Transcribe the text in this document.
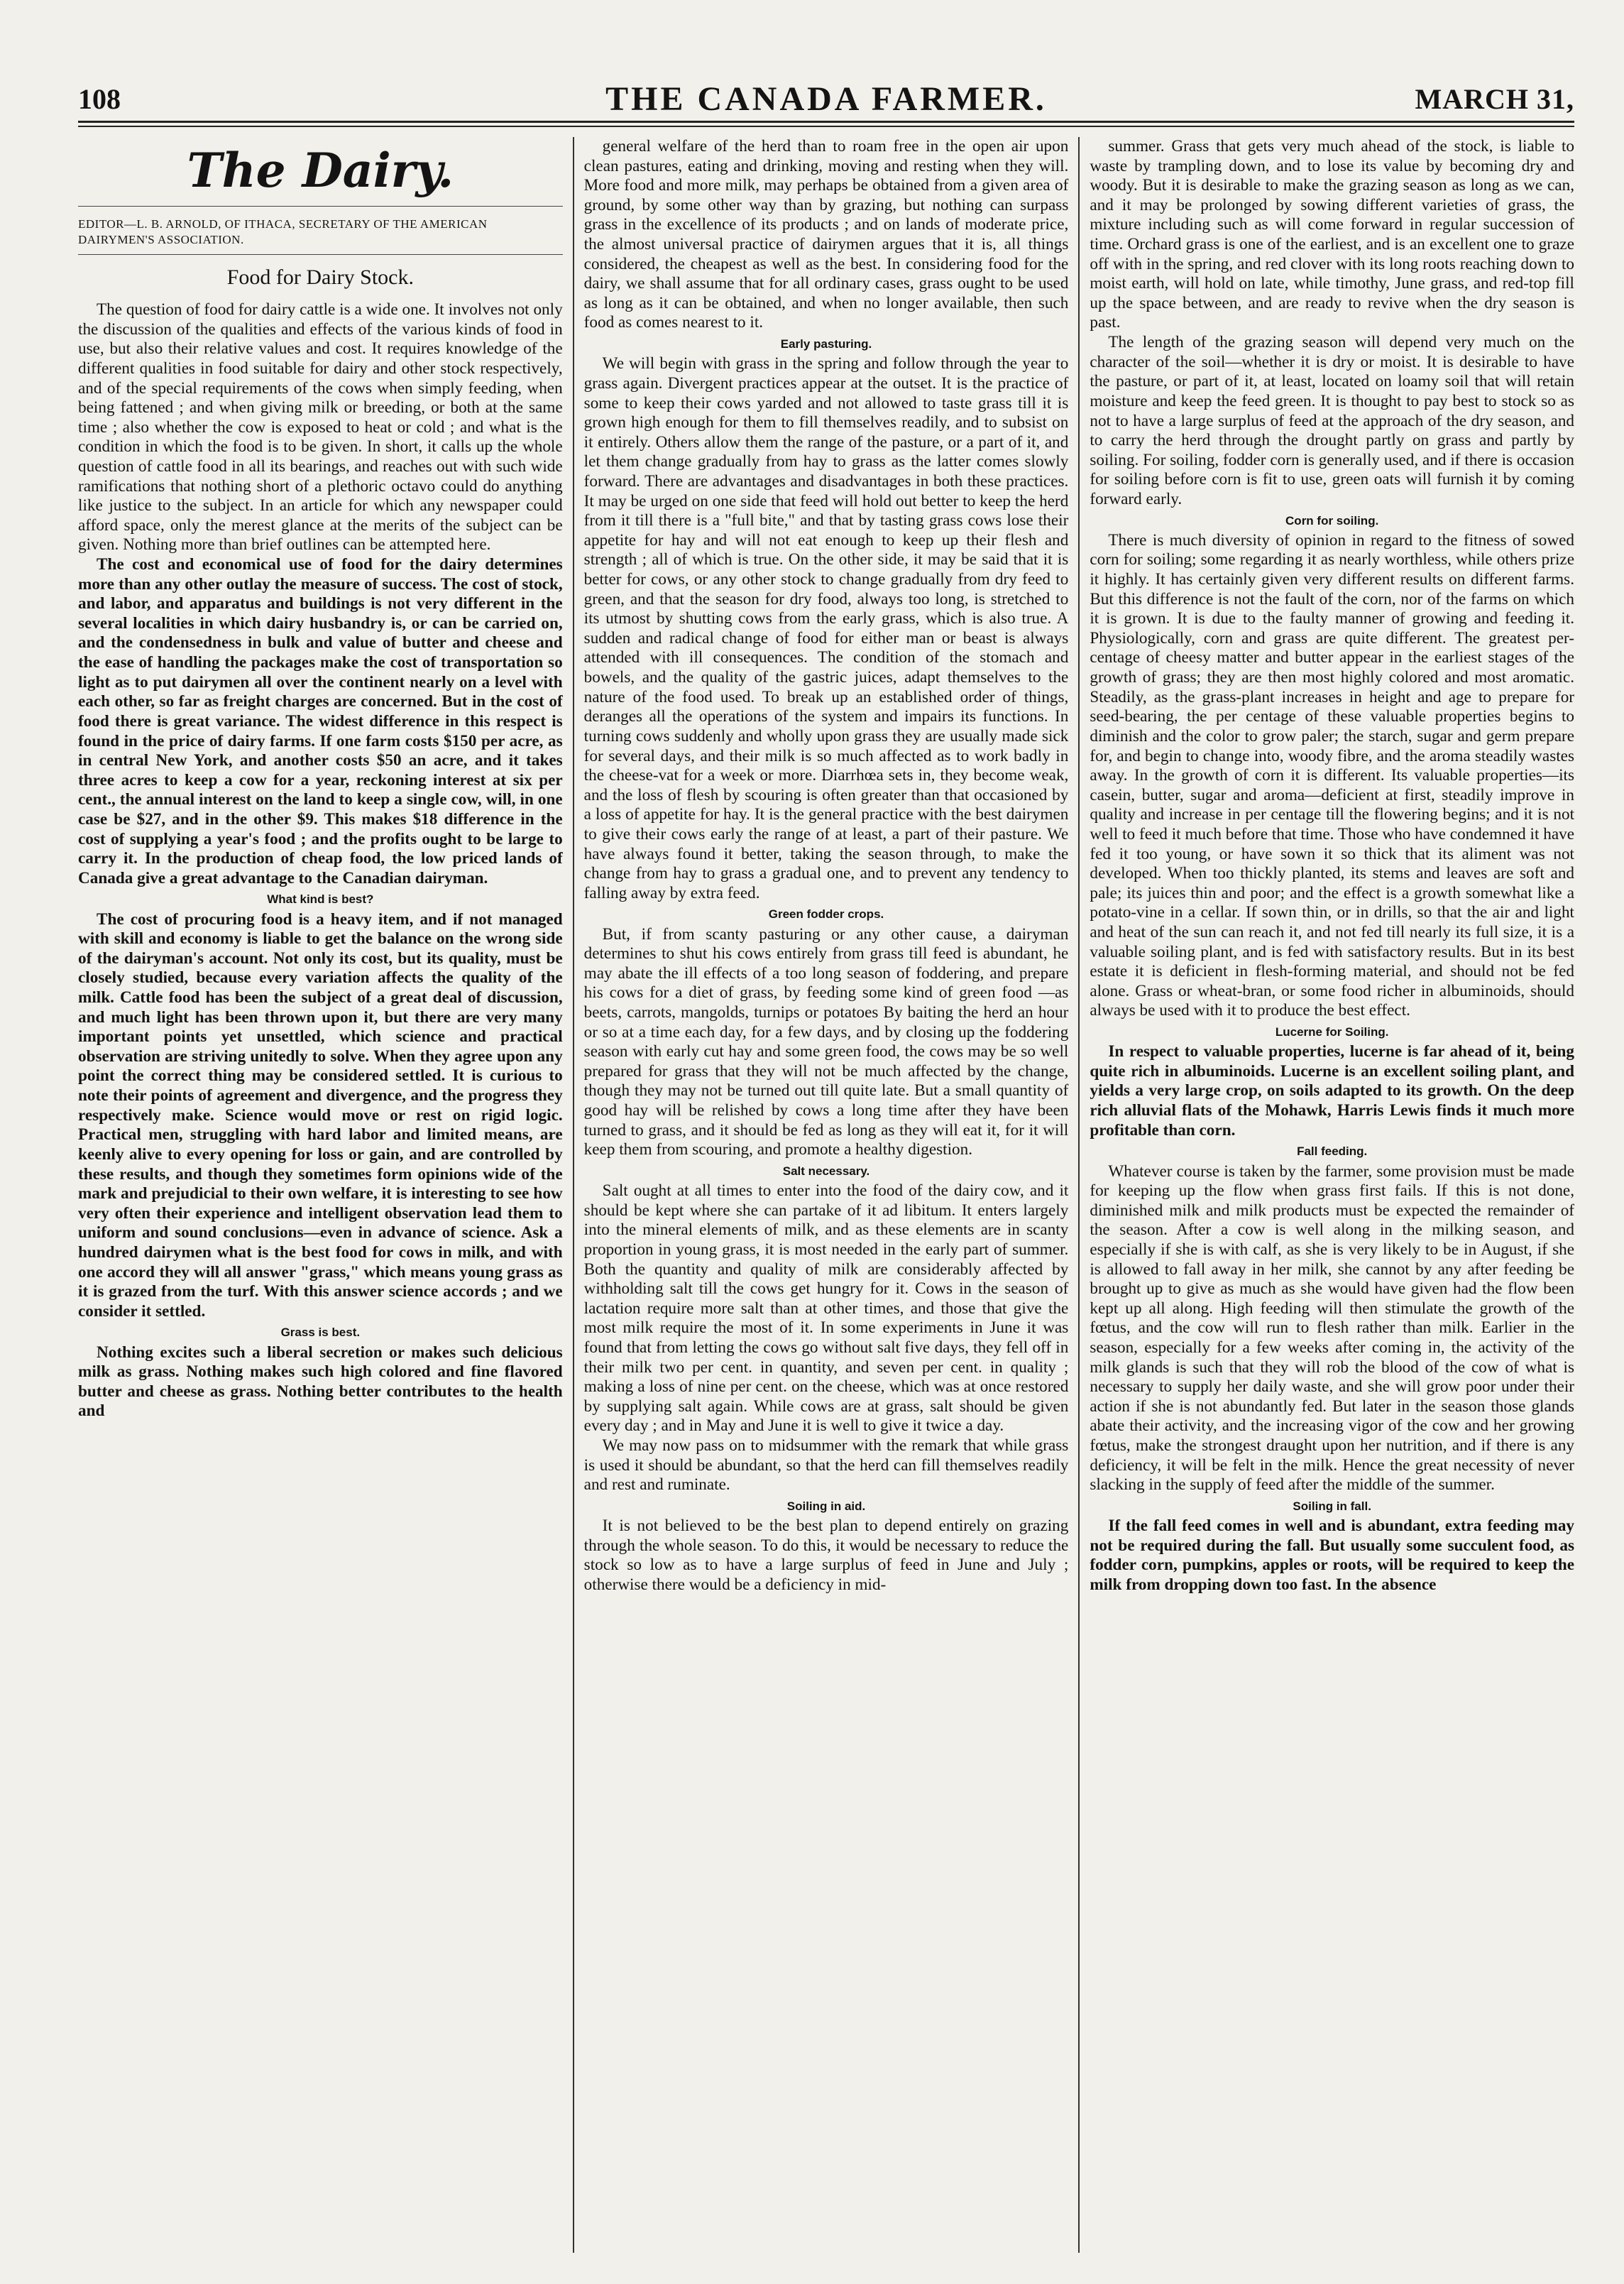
108	THE CANADA FARMER.	MARCH 31,
The Dairy.
EDITOR—L. B. ARNOLD, OF ITHACA, SECRETARY OF THE AMERICAN DAIRYMEN'S ASSOCIATION.
Food for Dairy Stock.

The question of food for dairy cattle is a wide one. It involves not only the discussion of the qualities and effects of the various kinds of food in use, but also their relative values and cost. It requires knowledge of the different qualities in food suitable for dairy and other stock respectively, and of the special requirements of the cows when simply feeding, when being fattened ; and when giving milk or breeding, or both at the same time ; also whether the cow is exposed to heat or cold ; and what is the condition in which the food is to be given. In short, it calls up the whole question of cattle food in all its bearings, and reaches out with such wide ramifications that nothing short of a plethoric octavo could do anything like justice to the subject. In an article for which any newspaper could afford space, only the merest glance at the merits of the subject can be given. Nothing more than brief outlines can be attempted here.

The cost and economical use of food for the dairy determines more than any other outlay the measure of success. The cost of stock, and labor, and apparatus and buildings is not very different in the several localities in which dairy husbandry is, or can be carried on, and the condensedness in bulk and value of butter and cheese and the ease of handling the packages make the cost of transportation so light as to put dairymen all over the continent nearly on a level with each other, so far as freight charges are concerned. But in the cost of food there is great variance. The widest difference in this respect is found in the price of dairy farms. If one farm costs $150 per acre, as in central New York, and another costs $50 an acre, and it takes three acres to keep a cow for a year, reckoning interest at six per cent., the annual interest on the land to keep a single cow, will, in one case be $27, and in the other $9. This makes $18 difference in the cost of supplying a year's food ; and the profits ought to be large to carry it. In the production of cheap food, the low priced lands of Canada give a great advantage to the Canadian dairyman.

What kind is best?

The cost of procuring food is a heavy item, and if not managed with skill and economy is liable to get the balance on the wrong side of the dairyman's account. Not only its cost, but its quality, must be closely studied, because every variation affects the quality of the milk. Cattle food has been the subject of a great deal of discussion, and much light has been thrown upon it, but there are very many important points yet unsettled, which science and practical observation are striving unitedly to solve. When they agree upon any point the correct thing may be considered settled. It is curious to note their points of agreement and divergence, and the progress they respectively make. Science would move or rest on rigid logic. Practical men, struggling with hard labor and limited means, are keenly alive to every opening for loss or gain, and are controlled by these results, and though they sometimes form opinions wide of the mark and prejudicial to their own welfare, it is interesting to see how very often their experience and intelligent observation lead them to uniform and sound conclusions—even in advance of science. Ask a hundred dairymen what is the best food for cows in milk, and with one accord they will all answer "grass," which means young grass as it is grazed from the turf. With this answer science accords ; and we consider it settled.

Grass is best.

Nothing excites such a liberal secretion or makes such delicious milk as grass. Nothing makes such high colored and fine flavored butter and cheese as grass. Nothing better contributes to the health and

general welfare of the herd than to roam free in the open air upon clean pastures, eating and drinking, moving and resting when they will. More food and more milk, may perhaps be obtained from a given area of ground, by some other way than by grazing, but nothing can surpass grass in the excellence of its products ; and on lands of moderate price, the almost universal practice of dairymen argues that it is, all things considered, the cheapest as well as the best. In considering food for the dairy, we shall assume that for all ordinary cases, grass ought to be used as long as it can be obtained, and when no longer available, then such food as comes nearest to it.

Early pasturing.

We will begin with grass in the spring and follow through the year to grass again. Divergent practices appear at the outset. It is the practice of some to keep their cows yarded and not allowed to taste grass till it is grown high enough for them to fill themselves readily, and to subsist on it entirely. Others allow them the range of the pasture, or a part of it, and let them change gradually from hay to grass as the latter comes slowly forward. There are advantages and disadvantages in both these practices. It may be urged on one side that feed will hold out better to keep the herd from it till there is a "full bite," and that by tasting grass cows lose their appetite for hay and will not eat enough to keep up their flesh and strength ; all of which is true. On the other side, it may be said that it is better for cows, or any other stock to change gradually from dry feed to green, and that the season for dry food, always too long, is stretched to its utmost by shutting cows from the early grass, which is also true. A sudden and radical change of food for either man or beast is always attended with ill consequences. The condition of the stomach and bowels, and the quality of the gastric juices, adapt themselves to the nature of the food used. To break up an established order of things, deranges all the operations of the system and impairs its functions. In turning cows suddenly and wholly upon grass they are usually made sick for several days, and their milk is so much affected as to work badly in the cheese-vat for a week or more. Diarrhœa sets in, they become weak, and the loss of flesh by scouring is often greater than that occasioned by a loss of appetite for hay. It is the general practice with the best dairymen to give their cows early the range of at least, a part of their pasture. We have always found it better, taking the season through, to make the change from hay to grass a gradual one, and to prevent any tendency to falling away by extra feed.

Green fodder crops.

But, if from scanty pasturing or any other cause, a dairyman determines to shut his cows entirely from grass till feed is abundant, he may abate the ill effects of a too long season of foddering, and prepare his cows for a diet of grass, by feeding some kind of green food —as beets, carrots, mangolds, turnips or potatoes By baiting the herd an hour or so at a time each day, for a few days, and by closing up the foddering season with early cut hay and some green food, the cows may be so well prepared for grass that they will not be much affected by the change, though they may not be turned out till quite late. But a small quantity of good hay will be relished by cows a long time after they have been turned to grass, and it should be fed as long as they will eat it, for it will keep them from scouring, and promote a healthy digestion.

Salt necessary.

Salt ought at all times to enter into the food of the dairy cow, and it should be kept where she can partake of it ad libitum. It enters largely into the mineral elements of milk, and as these elements are in scanty proportion in young grass, it is most needed in the early part of summer. Both the quantity and quality of milk are considerably affected by withholding salt till the cows get hungry for it. Cows in the season of lactation require more salt than at other times, and those that give the most milk require the most of it. In some experiments in June it was found that from letting the cows go without salt five days, they fell off in their milk two per cent. in quantity, and seven per cent. in quality ; making a loss of nine per cent. on the cheese, which was at once restored by supplying salt again. While cows are at grass, salt should be given every day ; and in May and June it is well to give it twice a day.

We may now pass on to midsummer with the remark that while grass is used it should be abundant, so that the herd can fill themselves readily and rest and ruminate.

Soiling in aid.

It is not believed to be the best plan to depend entirely on grazing through the whole season. To do this, it would be necessary to reduce the stock so low as to have a large surplus of feed in June and July ; otherwise there would be a deficiency in mid-

summer. Grass that gets very much ahead of the stock, is liable to waste by trampling down, and to lose its value by becoming dry and woody. But it is desirable to make the grazing season as long as we can, and it may be prolonged by sowing different varieties of grass, the mixture including such as will come forward in regular succession of time. Orchard grass is one of the earliest, and is an excellent one to graze off with in the spring, and red clover with its long roots reaching down to moist earth, will hold on late, while timothy, June grass, and red-top fill up the space between, and are ready to revive when the dry season is past.

The length of the grazing season will depend very much on the character of the soil—whether it is dry or moist. It is desirable to have the pasture, or part of it, at least, located on loamy soil that will retain moisture and keep the feed green. It is thought to pay best to stock so as not to have a large surplus of feed at the approach of the dry season, and to carry the herd through the drought partly on grass and partly by soiling. For soiling, fodder corn is generally used, and if there is occasion for soiling before corn is fit to use, green oats will furnish it by coming forward early.

Corn for soiling.

There is much diversity of opinion in regard to the fitness of sowed corn for soiling; some regarding it as nearly worthless, while others prize it highly. It has certainly given very different results on different farms. But this difference is not the fault of the corn, nor of the farms on which it is grown. It is due to the faulty manner of growing and feeding it. Physiologically, corn and grass are quite different. The greatest per-centage of cheesy matter and butter appear in the earliest stages of the growth of grass; they are then most highly colored and most aromatic. Steadily, as the grass-plant increases in height and age to prepare for seed-bearing, the per centage of these valuable properties begins to diminish and the color to grow paler; the starch, sugar and germ prepare for, and begin to change into, woody fibre, and the aroma steadily wastes away. In the growth of corn it is different. Its valuable properties—its casein, butter, sugar and aroma—deficient at first, steadily improve in quality and increase in per centage till the flowering begins; and it is not well to feed it much before that time. Those who have condemned it have fed it too young, or have sown it so thick that its aliment was not developed. When too thickly planted, its stems and leaves are soft and pale; its juices thin and poor; and the effect is a growth somewhat like a potato-vine in a cellar. If sown thin, or in drills, so that the air and light and heat of the sun can reach it, and not fed till nearly its full size, it is a valuable soiling plant, and is fed with satisfactory results. But in its best estate it is deficient in flesh-forming material, and should not be fed alone. Grass or wheat-bran, or some food richer in albuminoids, should always be used with it to produce the best effect.

Lucerne for Soiling.

In respect to valuable properties, lucerne is far ahead of it, being quite rich in albuminoids. Lucerne is an excellent soiling plant, and yields a very large crop, on soils adapted to its growth. On the deep rich alluvial flats of the Mohawk, Harris Lewis finds it much more profitable than corn.

Fall feeding.

Whatever course is taken by the farmer, some provision must be made for keeping up the flow when grass first fails. If this is not done, diminished milk and milk products must be expected the remainder of the season. After a cow is well along in the milking season, and especially if she is with calf, as she is very likely to be in August, if she is allowed to fall away in her milk, she cannot by any after feeding be brought up to give as much as she would have given had the flow been kept up all along. High feeding will then stimulate the growth of the fœtus, and the cow will run to flesh rather than milk. Earlier in the season, especially for a few weeks after coming in, the activity of the milk glands is such that they will rob the blood of the cow of what is necessary to supply her daily waste, and she will grow poor under their action if she is not abundantly fed. But later in the season those glands abate their activity, and the increasing vigor of the cow and her growing fœtus, make the strongest draught upon her nutrition, and if there is any deficiency, it will be felt in the milk. Hence the great necessity of never slacking in the supply of feed after the middle of the summer.

Soiling in fall.

If the fall feed comes in well and is abundant, extra feeding may not be required during the fall. But usually some succulent food, as fodder corn, pumpkins, apples or roots, will be required to keep the milk from dropping down too fast. In the absence
